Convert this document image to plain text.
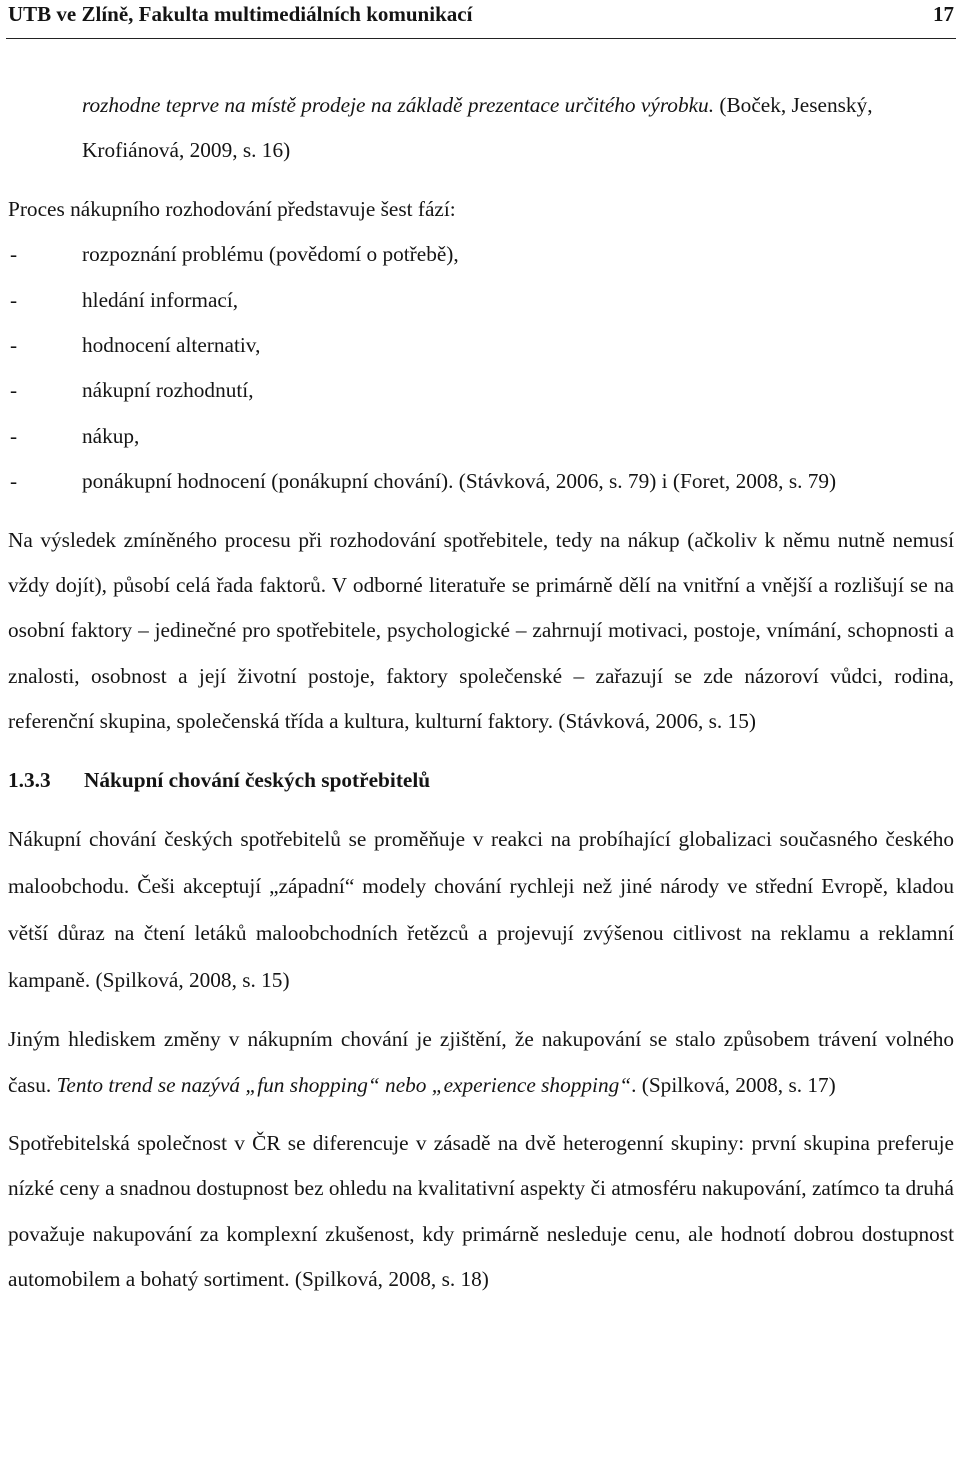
UTB ve Zlíně, Fakulta multimediálních komunikací	17

rozhodne teprve na místě prodeje na základě prezentace určitého výrobku. (Boček, Jesenský, Krofiánová, 2009, s. 16)

Proces nákupního rozhodování představuje šest fází:

-	rozpoznání problému (povědomí o potřebě),
-	hledání informací,
-	hodnocení alternativ,
-	nákupní rozhodnutí,
-	nákup,
-	ponákupní hodnocení (ponákupní chování). (Stávková, 2006, s. 79) i (Foret, 2008, s. 79)

Na výsledek zmíněného procesu při rozhodování spotřebitele, tedy na nákup (ačkoliv k němu nutně nemusí vždy dojít), působí celá řada faktorů. V odborné literatuře se primárně dělí na vnitřní a vnější a rozlišují se na osobní faktory – jedinečné pro spotřebitele, psychologické – zahrnují motivaci, postoje, vnímání, schopnosti a znalosti, osobnost a její životní postoje, faktory společenské – zařazují se zde názoroví vůdci, rodina, referenční skupina, společenská třída a kultura, kulturní faktory. (Stávková, 2006, s. 15)

1.3.3 Nákupní chování českých spotřebitelů

Nákupní chování českých spotřebitelů se proměňuje v reakci na probíhající globalizaci současného českého maloobchodu. Češi akceptují „západní“ modely chování rychleji než jiné národy ve střední Evropě, kladou větší důraz na čtení letáků maloobchodních řetězců a projevují zvýšenou citlivost na reklamu a reklamní kampaně. (Spilková, 2008, s. 15)

Jiným hlediskem změny v nákupním chování je zjištění, že nakupování se stalo způsobem trávení volného času. Tento trend se nazývá „fun shopping“ nebo „experience shopping“. (Spilková, 2008, s. 17)

Spotřebitelská společnost v ČR se diferencuje v zásadě na dvě heterogenní skupiny: první skupina preferuje nízké ceny a snadnou dostupnost bez ohledu na kvalitativní aspekty či atmosféru nakupování, zatímco ta druhá považuje nakupování za komplexní zkušenost, kdy primárně nesleduje cenu, ale hodnotí dobrou dostupnost automobilem a bohatý sortiment. (Spilková, 2008, s. 18)
